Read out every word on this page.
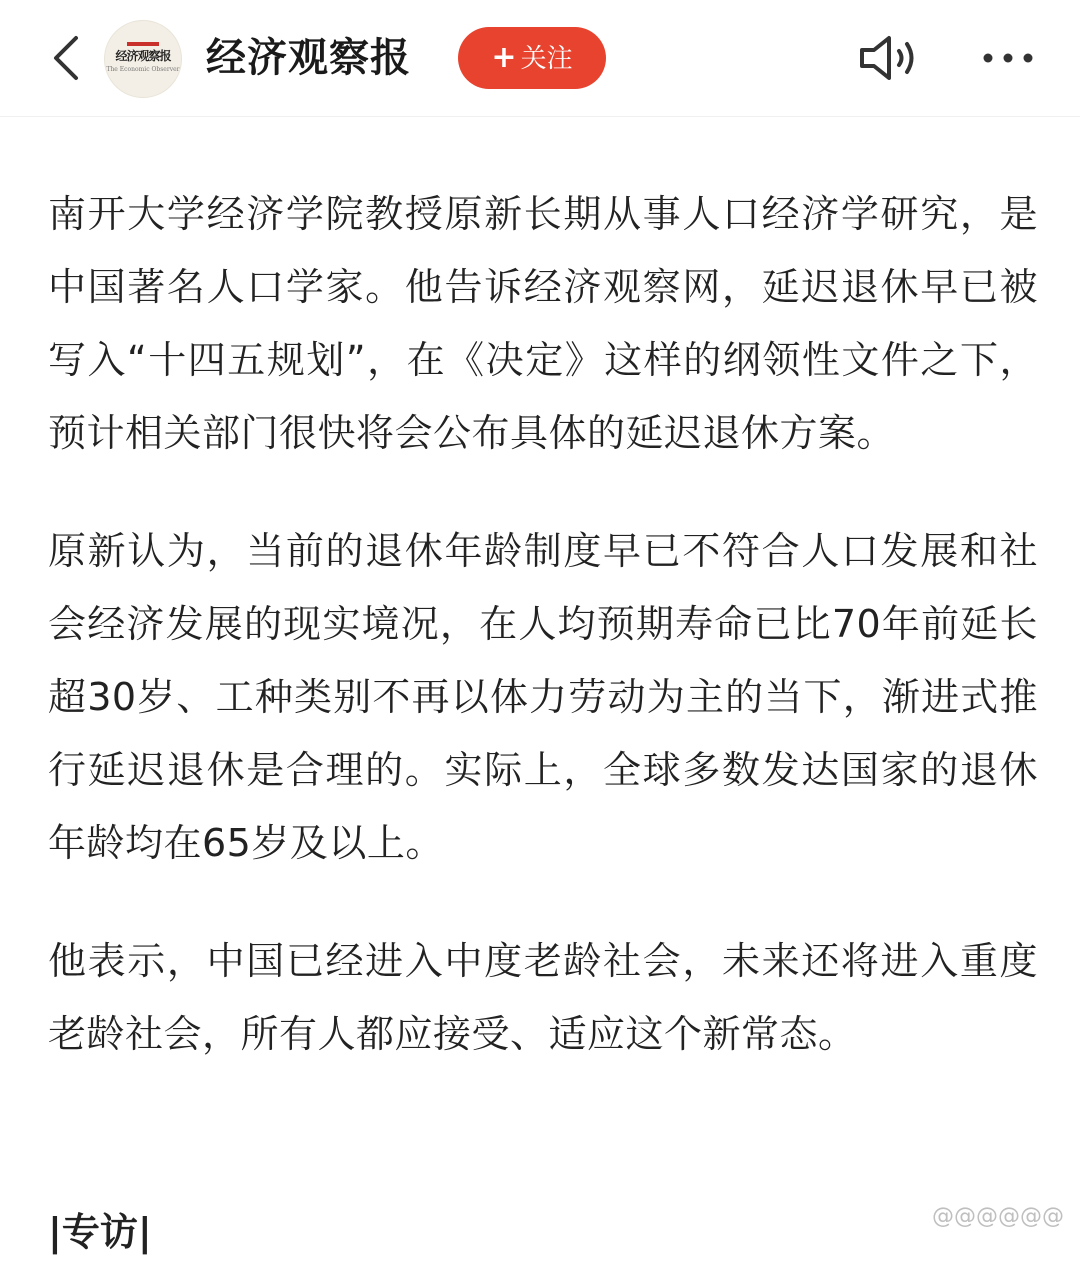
经济观察报
The Economic Observer 经济观察报	+ 关注

南开大学经济学院教授原新长期从事人口经济学研究，是中国著名人口学家。他告诉经济观察网，延迟退休早已被写入“十四五规划”，在《决定》这样的纲领性文件之下，预计相关部门很快将会公布具体的延迟退休方案。

原新认为，当前的退休年龄制度早已不符合人口发展和社会经济发展的现实境况，在人均预期寿命已比70年前延长超30岁、工种类别不再以体力劳动为主的当下，渐进式推行延迟退休是合理的。实际上，全球多数发达国家的退休年龄均在65岁及以上。

他表示，中国已经进入中度老龄社会，未来还将进入重度老龄社会，所有人都应接受、适应这个新常态。

|专访|	@@@@@@
